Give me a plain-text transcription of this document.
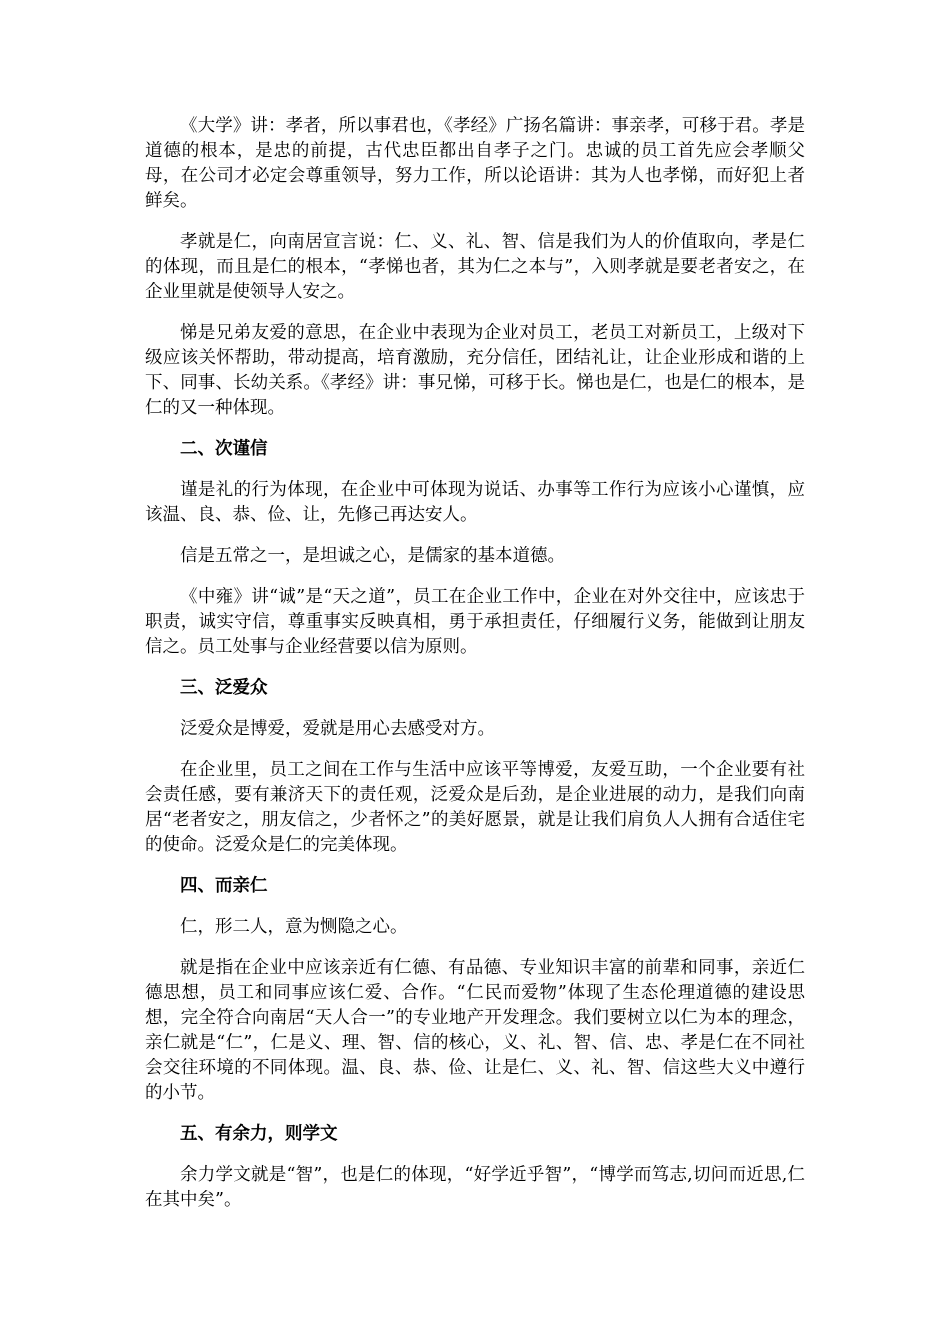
《大学》讲：孝者，所以事君也，《孝经》广扬名篇讲：事亲孝，可移于君。孝是道德的根本，是忠的前提，古代忠臣都出自孝子之门。忠诚的员工首先应会孝顺父母，在公司才必定会尊重领导，努力工作，所以论语讲：其为人也孝悌，而好犯上者鲜矣。

孝就是仁，向南居宣言说：仁、义、礼、智、信是我们为人的价值取向，孝是仁的体现，而且是仁的根本，“孝悌也者，其为仁之本与”，入则孝就是要老者安之，在企业里就是使领导人安之。

悌是兄弟友爱的意思，在企业中表现为企业对员工，老员工对新员工，上级对下级应该关怀帮助，带动提高，培育激励，充分信任，团结礼让，让企业形成和谐的上下、同事、长幼关系。《孝经》讲：事兄悌，可移于长。悌也是仁，也是仁的根本，是仁的又一种体现。

二、次谨信

谨是礼的行为体现，在企业中可体现为说话、办事等工作行为应该小心谨慎，应该温、良、恭、俭、让，先修己再达安人。

信是五常之一，是坦诚之心，是儒家的基本道德。

《中雍》讲“诚”是“天之道”，员工在企业工作中，企业在对外交往中，应该忠于职责，诚实守信，尊重事实反映真相，勇于承担责任，仔细履行义务，能做到让朋友信之。员工处事与企业经营要以信为原则。

三、泛爱众

泛爱众是博爱，爱就是用心去感受对方。

在企业里，员工之间在工作与生活中应该平等博爱，友爱互助，一个企业要有社会责任感，要有兼济天下的责任观，泛爱众是后劲，是企业进展的动力，是我们向南居“老者安之，朋友信之，少者怀之”的美好愿景，就是让我们肩负人人拥有合适住宅的使命。泛爱众是仁的完美体现。

四、而亲仁

仁，形二人，意为恻隐之心。

就是指在企业中应该亲近有仁德、有品德、专业知识丰富的前辈和同事，亲近仁德思想，员工和同事应该仁爱、合作。“仁民而爱物”体现了生态伦理道德的建设思想，完全符合向南居“天人合一”的专业地产开发理念。我们要树立以仁为本的理念，亲仁就是“仁”，仁是义、理、智、信的核心，义、礼、智、信、忠、孝是仁在不同社会交往环境的不同体现。温、良、恭、俭、让是仁、义、礼、智、信这些大义中遵行的小节。

五、有余力，则学文

余力学文就是“智”，也是仁的体现，“好学近乎智”，“博学而笃志,切问而近思,仁在其中矣”。
